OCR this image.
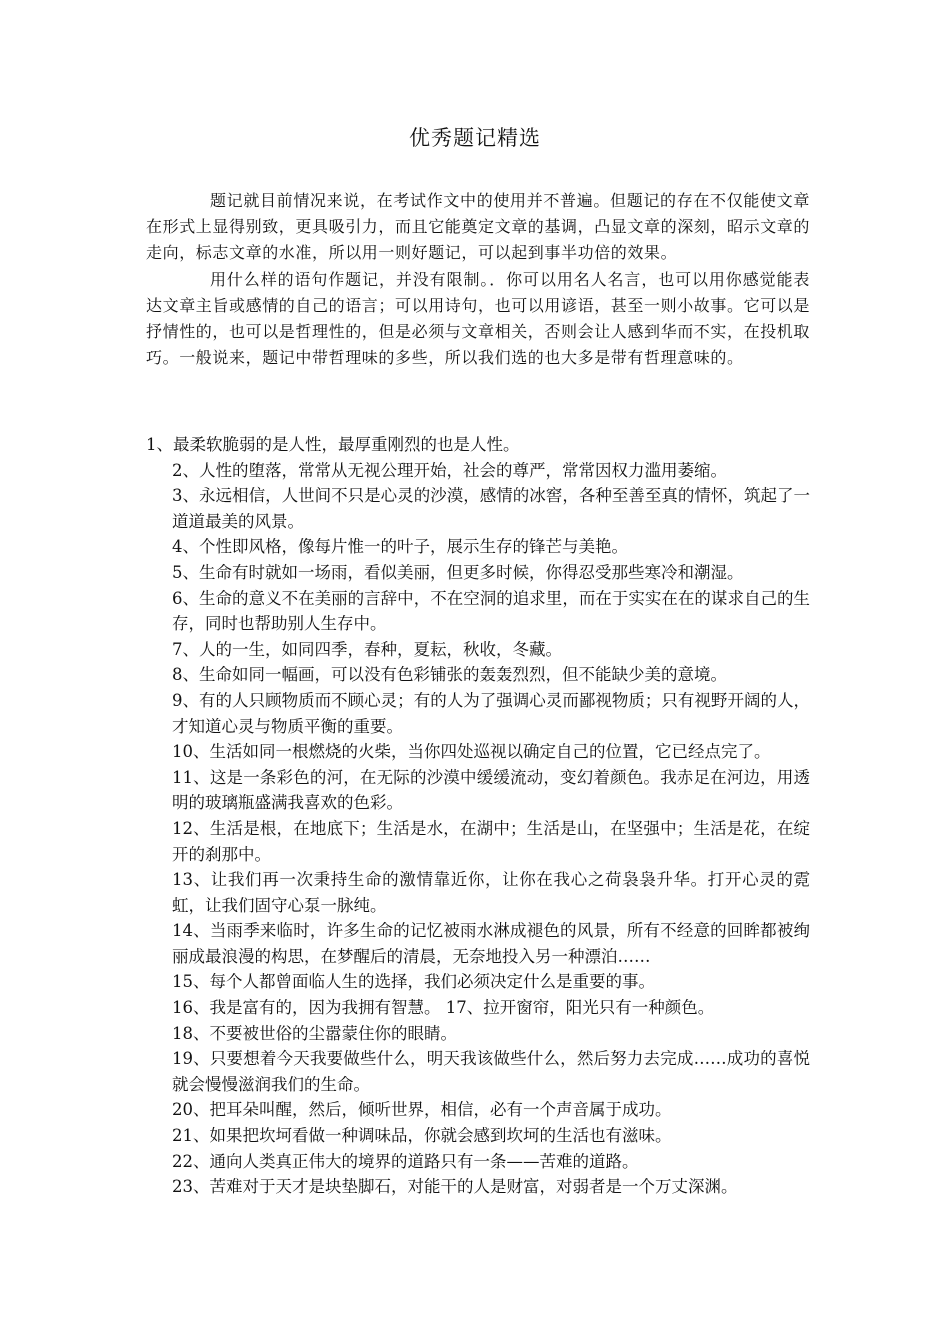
优秀题记精选

题记就目前情况来说，在考试作文中的使用并不普遍。但题记的存在不仅能使文章在形式上显得别致，更具吸引力，而且它能奠定文章的基调，凸显文章的深刻，昭示文章的走向，标志文章的水准，所以用一则好题记，可以起到事半功倍的效果。

用什么样的语句作题记，并没有限制。．你可以用名人名言，也可以用你感觉能表达文章主旨或感情的自己的语言；可以用诗句，也可以用谚语，甚至一则小故事。它可以是抒情性的，也可以是哲理性的，但是必须与文章相关，否则会让人感到华而不实，在投机取巧。一般说来，题记中带哲理味的多些，所以我们选的也大多是带有哲理意味的。

1、最柔软脆弱的是人性，最厚重刚烈的也是人性。

2、人性的堕落，常常从无视公理开始，社会的尊严，常常因权力滥用萎缩。

3、永远相信，人世间不只是心灵的沙漠，感情的冰窖，各种至善至真的情怀，筑起了一道道最美的风景。

4、个性即风格，像每片惟一的叶子，展示生存的锋芒与美艳。

5、生命有时就如一场雨，看似美丽，但更多时候，你得忍受那些寒冷和潮湿。

6、生命的意义不在美丽的言辞中，不在空洞的追求里，而在于实实在在的谋求自己的生存，同时也帮助别人生存中。

7、人的一生，如同四季，春种，夏耘，秋收，冬藏。

8、生命如同一幅画，可以没有色彩铺张的轰轰烈烈，但不能缺少美的意境。

9、有的人只顾物质而不顾心灵；有的人为了强调心灵而鄙视物质；只有视野开阔的人，才知道心灵与物质平衡的重要。

10、生活如同一根燃烧的火柴，当你四处巡视以确定自己的位置，它已经点完了。

11、这是一条彩色的河，在无际的沙漠中缓缓流动，变幻着颜色。我赤足在河边，用透明的玻璃瓶盛满我喜欢的色彩。

12、生活是根，在地底下；生活是水，在湖中；生活是山，在坚强中；生活是花，在绽开的刹那中。

13、让我们再一次秉持生命的激情靠近你，让你在我心之荷袅袅升华。打开心灵的霓虹，让我们固守心泵一脉纯。

14、当雨季来临时，许多生命的记忆被雨水淋成褪色的风景，所有不经意的回眸都被绚丽成最浪漫的构思，在梦醒后的清晨，无奈地投入另一种漂泊……

15、每个人都曾面临人生的选择，我们必须决定什么是重要的事。

16、我是富有的，因为我拥有智慧。 17、拉开窗帘，阳光只有一种颜色。

18、不要被世俗的尘嚣蒙住你的眼睛。

19、只要想着今天我要做些什么，明天我该做些什么，然后努力去完成……成功的喜悦就会慢慢滋润我们的生命。

20、把耳朵叫醒，然后，倾听世界，相信，必有一个声音属于成功。

21、如果把坎坷看做一种调味品，你就会感到坎坷的生活也有滋味。

22、通向人类真正伟大的境界的道路只有一条——苦难的道路。

23、苦难对于天才是块垫脚石，对能干的人是财富，对弱者是一个万丈深渊。
